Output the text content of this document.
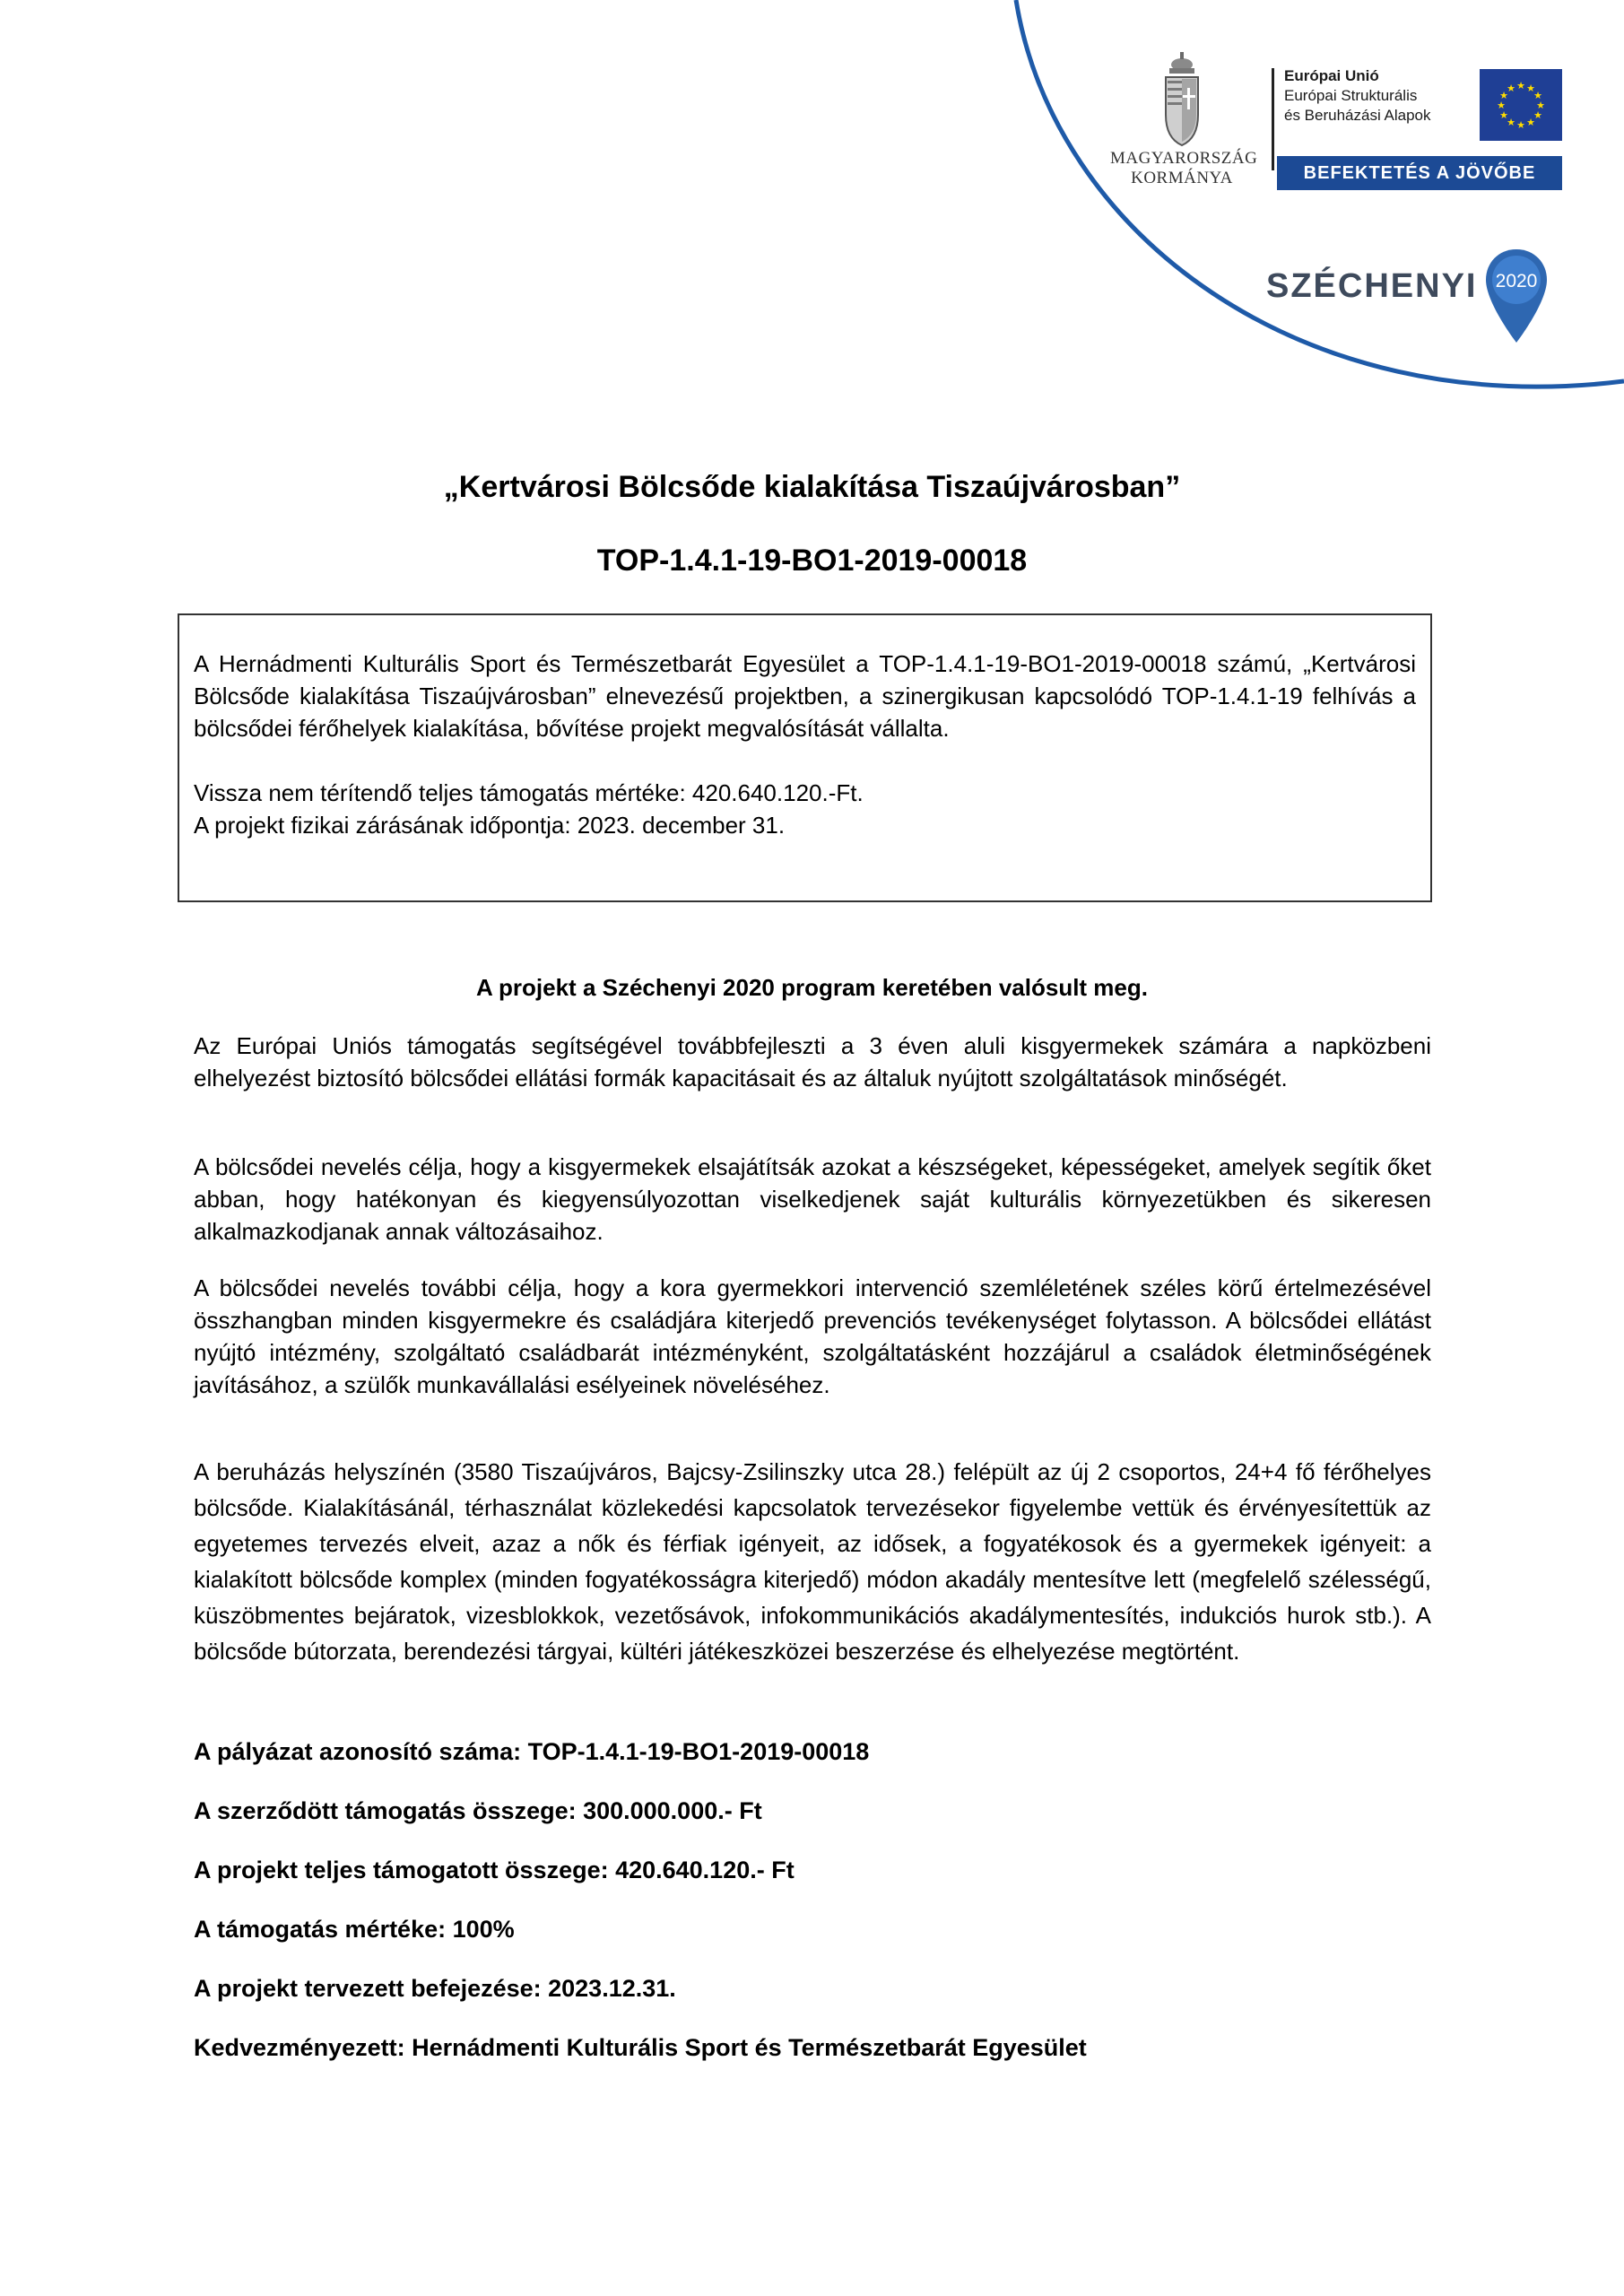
MAGYARORSZÁG
KORMÁNYA
Európai Unió
Európai Strukturális
és Beruházási Alapok
★ ★
★
★
★
★
★
★
★
★
★
★
BEFEKTETÉS A JÖVŐBE
SZÉCHENYI 2020
„Kertvárosi Bölcsőde kialakítása Tiszaújvárosban”
TOP-1.4.1-19-BO1-2019-00018

A Hernádmenti Kulturális Sport és Természetbarát Egyesület a TOP-1.4.1-19-BO1-2019-00018 számú, „Kertvárosi Bölcsőde kialakítása Tiszaújvárosban” elnevezésű projektben, a szinergikusan kapcsolódó TOP-1.4.1-19 felhívás a bölcsődei férőhelyek kialakítása, bővítése projekt megvalósítását vállalta.

Vissza nem térítendő teljes támogatás mértéke: 420.640.120.-Ft.

A projekt fizikai zárásának időpontja: 2023. december 31.

A projekt a Széchenyi 2020 program keretében valósult meg.

Az Európai Uniós támogatás segítségével továbbfejleszti a 3 éven aluli kisgyermekek számára a napközbeni elhelyezést biztosító bölcsődei ellátási formák kapacitásait és az általuk nyújtott szolgáltatások minőségét.

A bölcsődei nevelés célja, hogy a kisgyermekek elsajátítsák azokat a készségeket, képességeket, amelyek segítik őket abban, hogy hatékonyan és kiegyensúlyozottan viselkedjenek saját kulturális környezetükben és sikeresen alkalmazkodjanak annak változásaihoz.

A bölcsődei nevelés további célja, hogy a kora gyermekkori intervenció szemléletének széles körű értelmezésével összhangban minden kisgyermekre és családjára kiterjedő prevenciós tevékenységet folytasson. A bölcsődei ellátást nyújtó intézmény, szolgáltató családbarát intézményként, szolgáltatásként hozzájárul a családok életminőségének javításához, a szülők munkavállalási esélyeinek növeléséhez.

A beruházás helyszínén (3580 Tiszaújváros, Bajcsy-Zsilinszky utca 28.) felépült az új 2 csoportos, 24+4 fő férőhelyes bölcsőde. Kialakításánál, térhasználat közlekedési kapcsolatok tervezésekor figyelembe vettük és érvényesítettük az egyetemes tervezés elveit, azaz a nők és férfiak igényeit, az idősek, a fogyatékosok és a gyermekek igényeit: a kialakított bölcsőde komplex (minden fogyatékosságra kiterjedő) módon akadály mentesítve lett (megfelelő szélességű, küszöbmentes bejáratok, vizesblokkok, vezetősávok, infokommunikációs akadálymentesítés, indukciós hurok stb.). A bölcsőde bútorzata, berendezési tárgyai, kültéri játékeszközei beszerzése és elhelyezése megtörtént.

A pályázat azonosító száma: TOP-1.4.1-19-BO1-2019-00018
A szerződött támogatás összege: 300.000.000.- Ft
A projekt teljes támogatott összege: 420.640.120.- Ft
A támogatás mértéke: 100%
A projekt tervezett befejezése: 2023.12.31.
Kedvezményezett: Hernádmenti Kulturális Sport és Természetbarát Egyesület
